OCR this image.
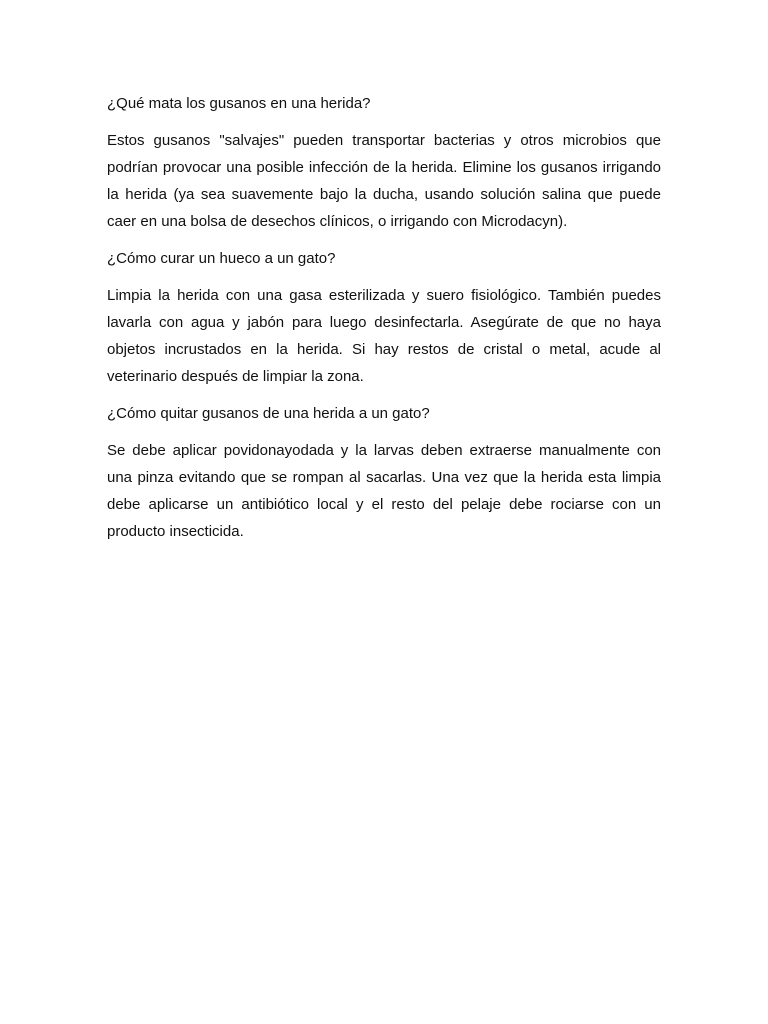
¿Qué mata los gusanos en una herida?

Estos gusanos "salvajes" pueden transportar bacterias y otros microbios que podrían provocar una posible infección de la herida. Elimine los gusanos irrigando la herida (ya sea suavemente bajo la ducha, usando solución salina que puede caer en una bolsa de desechos clínicos, o irrigando con Microdacyn).

¿Cómo curar un hueco a un gato?

Limpia la herida con una gasa esterilizada y suero fisiológico. También puedes lavarla con agua y jabón para luego desinfectarla. Asegúrate de que no haya objetos incrustados en la herida. Si hay restos de cristal o metal, acude al veterinario después de limpiar la zona.

¿Cómo quitar gusanos de una herida a un gato?

Se debe aplicar povidonayodada y la larvas deben extraerse manualmente con una pinza evitando que se rompan al sacarlas. Una vez que la herida esta limpia debe aplicarse un antibiótico local y el resto del pelaje debe rociarse con un producto insecticida.
